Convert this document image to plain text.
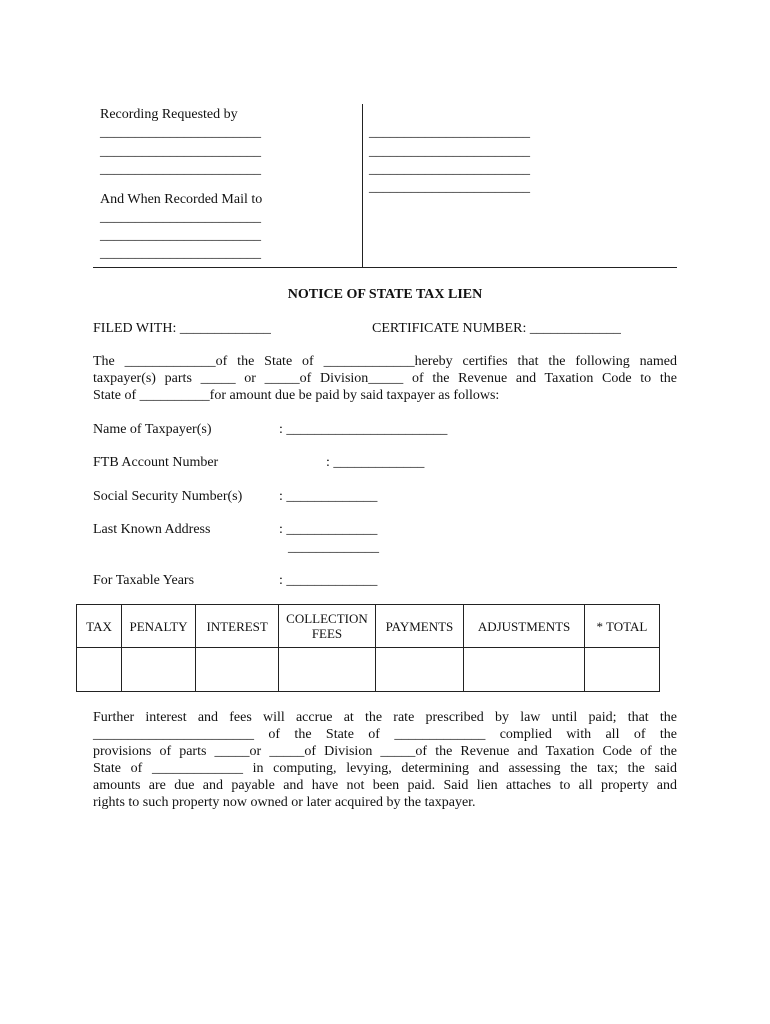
Recording Requested by
_______________________
_______________________
_______________________
And When Recorded Mail to
_______________________
_______________________
_______________________
_______________________
_______________________
_______________________
_______________________
NOTICE OF STATE TAX LIEN
FILED WITH: _____________	CERTIFICATE NUMBER: _____________
The _____________of the State of _____________hereby certifies that the following named
taxpayer(s) parts _____ or _____of Division_____ of the Revenue and Taxation Code to the
State of __________for amount due be paid by said taxpayer as follows:
Name of Taxpayer(s)	: _______________________
FTB Account Number	: _____________
Social Security Number(s)	: _____________
Last Known Address	: _____________
_____________
For Taxable Years	: _____________
TAX	PENALTY	INTEREST	COLLECTION FEES	PAYMENTS	ADJUSTMENTS	* TOTAL

Further interest and fees will accrue at the rate prescribed by law until paid; that the
_______________________ of the State of _____________ complied with all of the
provisions of parts _____or _____of Division _____of the Revenue and Taxation Code of the
State of _____________ in computing, levying, determining and assessing the tax; the said
amounts are due and payable and have not been paid. Said lien attaches to all property and
rights to such property now owned or later acquired by the taxpayer.
